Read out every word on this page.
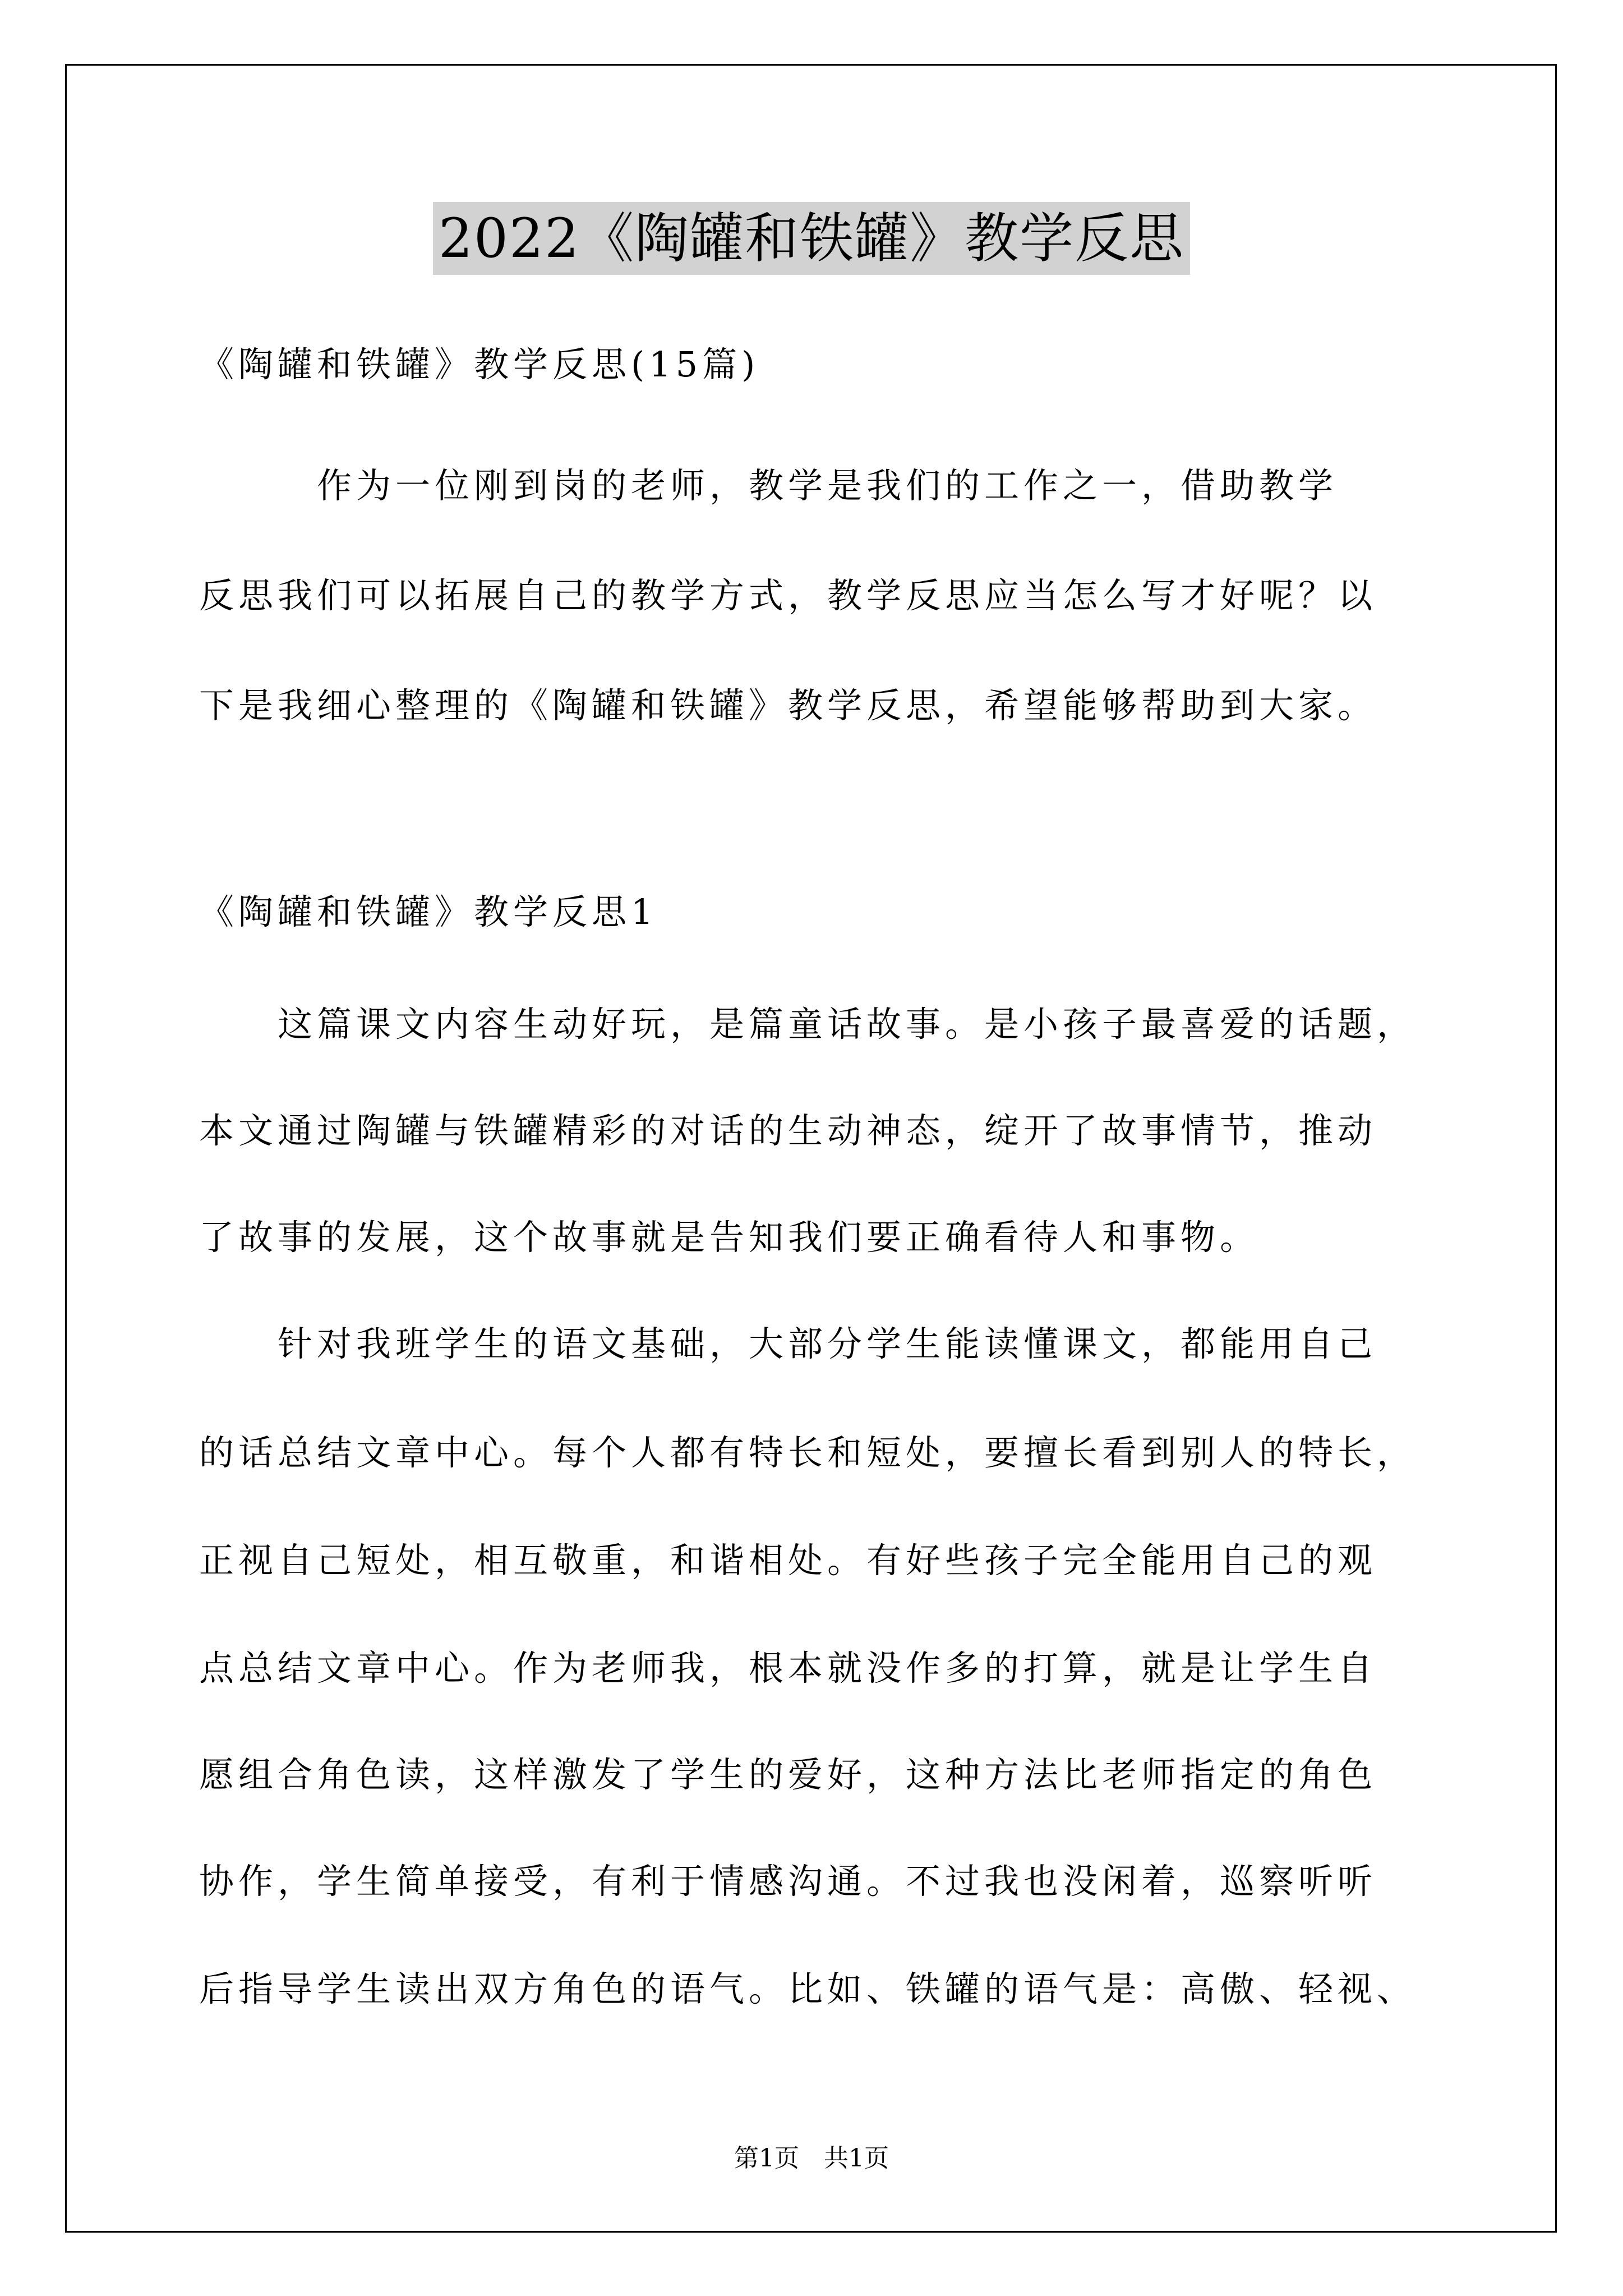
2022《陶罐和铁罐》教学反思
《陶罐和铁罐》教学反思(15篇)
　　　作为一位刚到岗的老师，教学是我们的工作之一，借助教学
反思我们可以拓展自己的教学方式，教学反思应当怎么写才好呢？以
下是我细心整理的《陶罐和铁罐》教学反思，希望能够帮助到大家。
《陶罐和铁罐》教学反思1
　　这篇课文内容生动好玩，是篇童话故事。是小孩子最喜爱的话题，
本文通过陶罐与铁罐精彩的对话的生动神态，绽开了故事情节，推动
了故事的发展，这个故事就是告知我们要正确看待人和事物。
　　针对我班学生的语文基础，大部分学生能读懂课文，都能用自己
的话总结文章中心。每个人都有特长和短处，要擅长看到别人的特长，
正视自己短处，相互敬重，和谐相处。有好些孩子完全能用自己的观
点总结文章中心。作为老师我，根本就没作多的打算，就是让学生自
愿组合角色读，这样激发了学生的爱好，这种方法比老师指定的角色
协作，学生简单接受，有利于情感沟通。不过我也没闲着，巡察听听
后指导学生读出双方角色的语气。比如、铁罐的语气是：高傲、轻视、
第1页　共1页
